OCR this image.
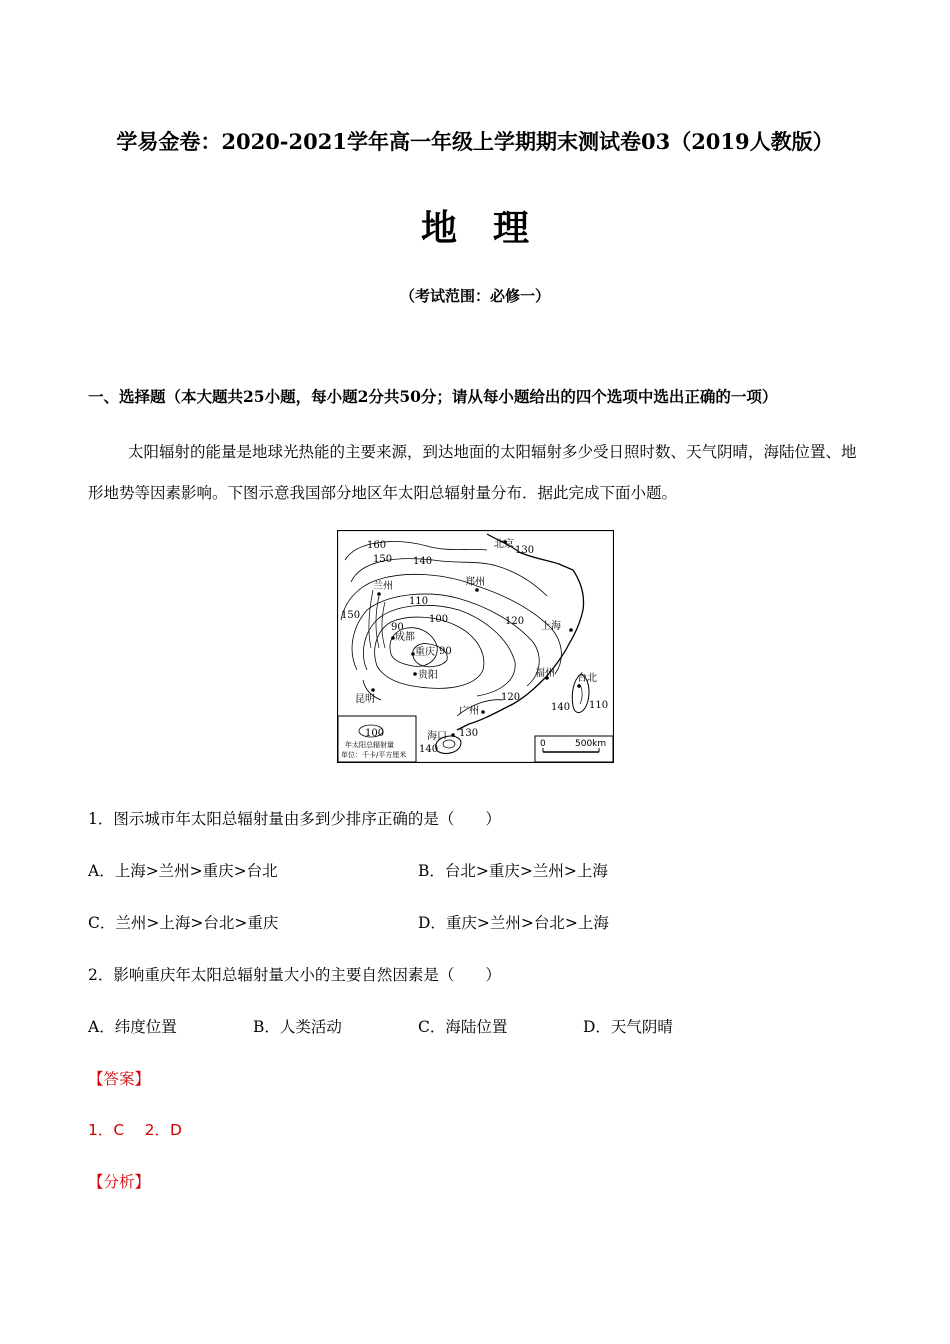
学易金卷：2020-2021学年高一年级上学期期末测试卷03（2019人教版）
地理
（考试范围：必修一）
一、选择题（本大题共25小题，每小题2分共50分；请从每小题给出的四个选项中选出正确的一项）
太阳辐射的能量是地球光热能的主要来源，到达地面的太阳辐射多少受日照时数、天气阴晴，海陆位置、地形地势等因素影响。下图示意我国部分地区年太阳总辐射量分布．据此完成下面小题。
北京
兰州	郑州
上海
成都
重庆
贵阳	福州 台北
昆明
广州
海口
160
150 140
130
120
110
100
90
90
150
120
140 110
130
140
100
年太阳总辐射量
单位：千卡/平方厘米
0	500km
1．图示城市年太阳总辐射量由多到少排序正确的是（　　）
A．上海>兰州>重庆>台北	B．台北>重庆>兰州>上海
C．兰州>上海>台北>重庆	D．重庆>兰州>台北>上海
2．影响重庆年太阳总辐射量大小的主要自然因素是（　　）
A．纬度位置	B．人类活动	C．海陆位置	D．天气阴晴
【答案】
1．C　 2．D
【分析】
